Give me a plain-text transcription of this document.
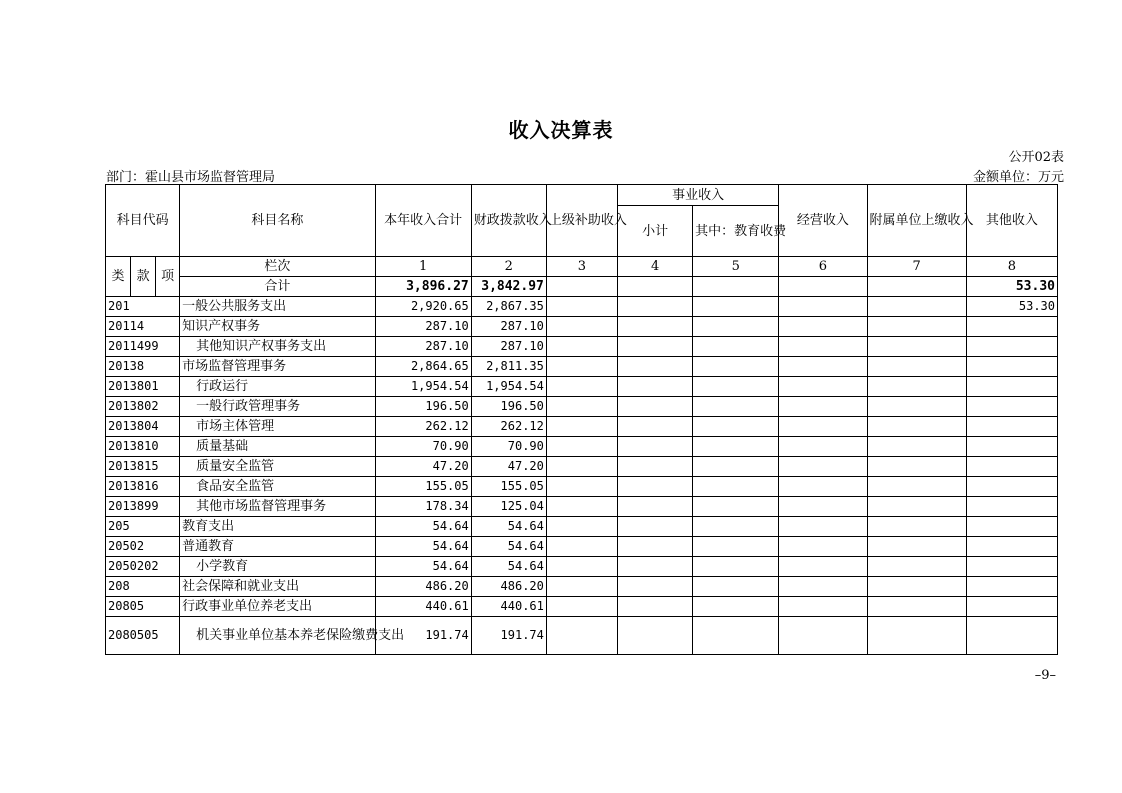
收入决算表
公开02表
部门：霍山县市场监督管理局	金额单位：万元
科目代码			科目名称	本年收入合计	财政拨款收入	上级补助收入	事业收入		经营收入	附属单位上缴收入	其他收入
							小计	其中：教育收费			
类	款	项	栏次	1	2	3	4	5	6	7	8
			合计	3,896.27	3,842.97						53.30
201			一般公共服务支出	2,920.65	2,867.35						53.30
20114			知识产权事务	287.10	287.10						
2011499			其他知识产权事务支出	287.10	287.10						
20138			市场监督管理事务	2,864.65	2,811.35						
2013801			行政运行	1,954.54	1,954.54						
2013802			一般行政管理事务	196.50	196.50						
2013804			市场主体管理	262.12	262.12						
2013810			质量基础	70.90	70.90						
2013815			质量安全监管	47.20	47.20						
2013816			食品安全监管	155.05	155.05						
2013899			其他市场监督管理事务	178.34	125.04						
205			教育支出	54.64	54.64						
20502			普通教育	54.64	54.64						
2050202			小学教育	54.64	54.64						
208			社会保障和就业支出	486.20	486.20						
20805			行政事业单位养老支出	440.61	440.61						
2080505			机关事业单位基本养老保险缴费支出	191.74	191.74						
–9–
